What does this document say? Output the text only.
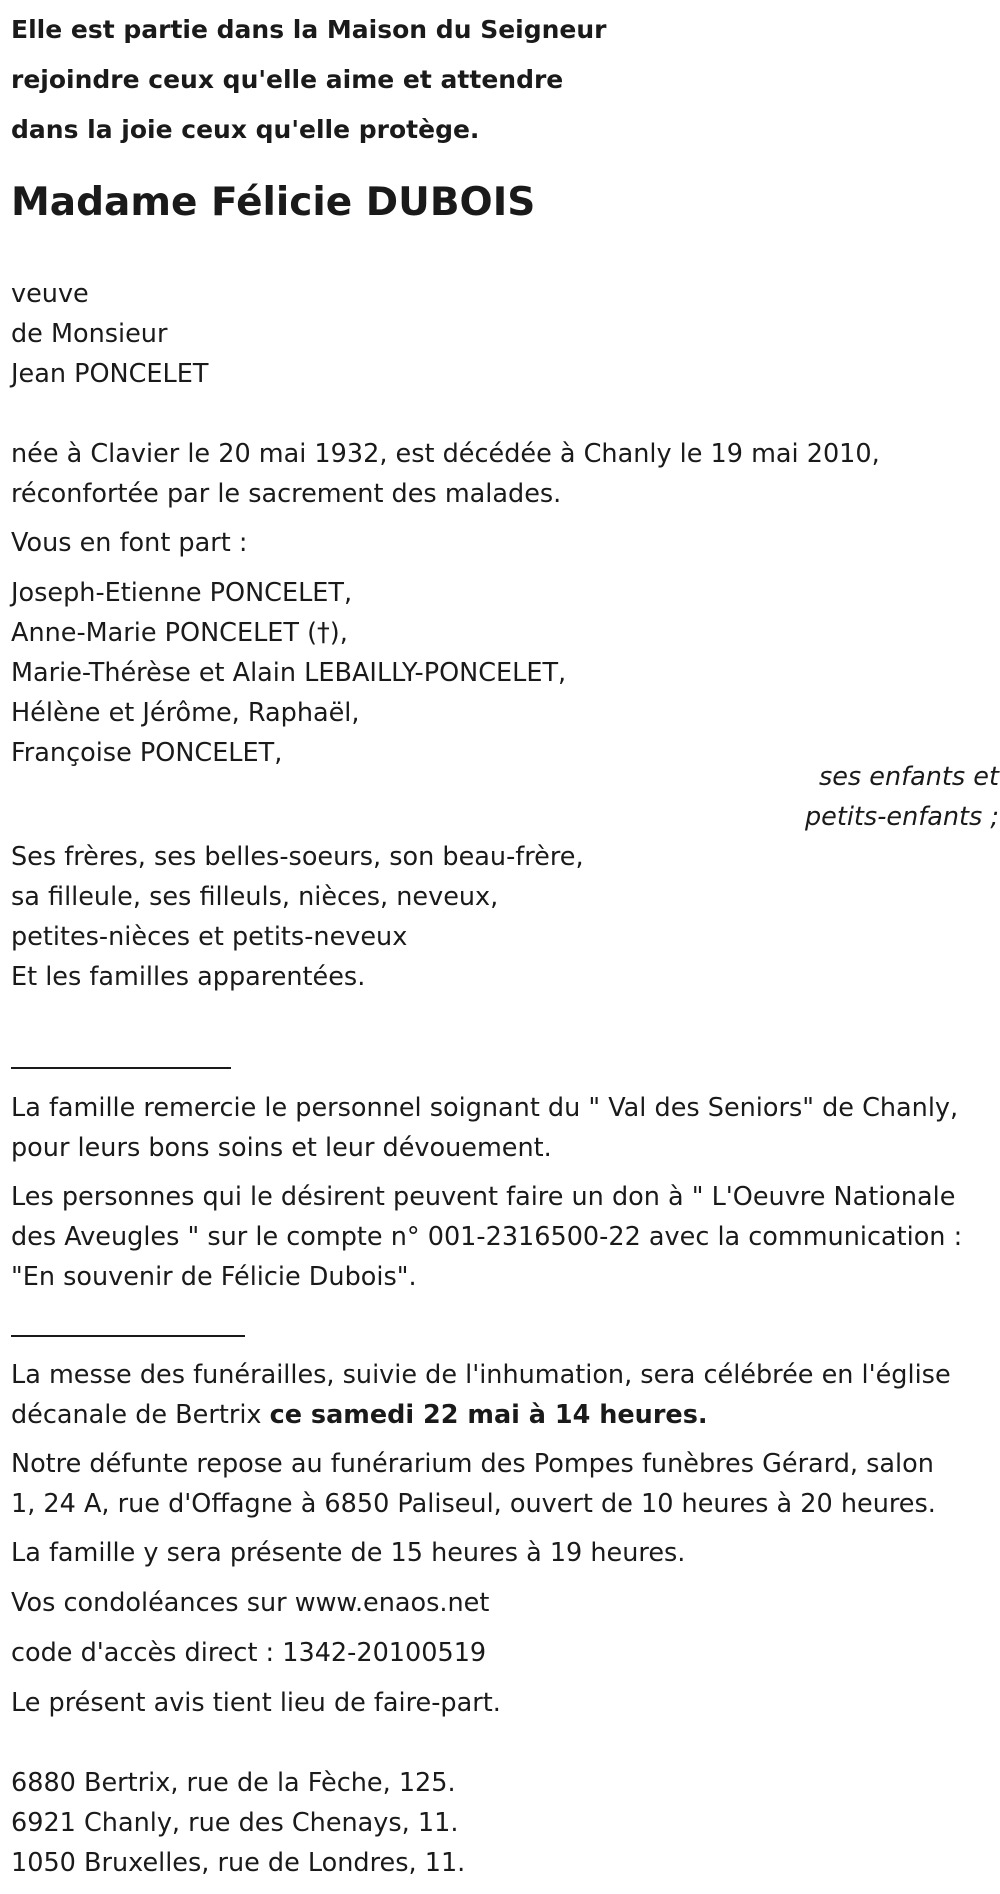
Elle est partie dans la Maison du Seigneur
rejoindre ceux qu'elle aime et attendre
dans la joie ceux qu'elle protège.
Madame Félicie DUBOIS
veuve
de Monsieur
Jean PONCELET
née à Clavier le 20 mai 1932, est décédée à Chanly le 19 mai 2010,
réconfortée par le sacrement des malades.
Vous en font part :
Joseph-Etienne PONCELET,
Anne-Marie PONCELET (†),
Marie-Thérèse et Alain LEBAILLY-PONCELET,
Hélène et Jérôme, Raphaël,
Françoise PONCELET,
ses enfants et
petits-enfants ;
Ses frères, ses belles-soeurs, son beau-frère,
sa filleule, ses filleuls, nièces, neveux,
petites-nièces et petits-neveux
Et les familles apparentées.
La famille remercie le personnel soignant du " Val des Seniors" de Chanly,
pour leurs bons soins et leur dévouement.
Les personnes qui le désirent peuvent faire un don à " L'Oeuvre Nationale
des Aveugles " sur le compte n° 001-2316500-22 avec la communication :
"En souvenir de Félicie Dubois".
La messe des funérailles, suivie de l'inhumation, sera célébrée en l'église
décanale de Bertrix ce samedi 22 mai à 14 heures.
Notre défunte repose au funérarium des Pompes funèbres Gérard, salon
1, 24 A, rue d'Offagne à 6850 Paliseul, ouvert de 10 heures à 20 heures.
La famille y sera présente de 15 heures à 19 heures.
Vos condoléances sur www.enaos.net
code d'accès direct : 1342-20100519
Le présent avis tient lieu de faire-part.
6880 Bertrix, rue de la Fèche, 125.
6921 Chanly, rue des Chenays, 11.
1050 Bruxelles, rue de Londres, 11.
